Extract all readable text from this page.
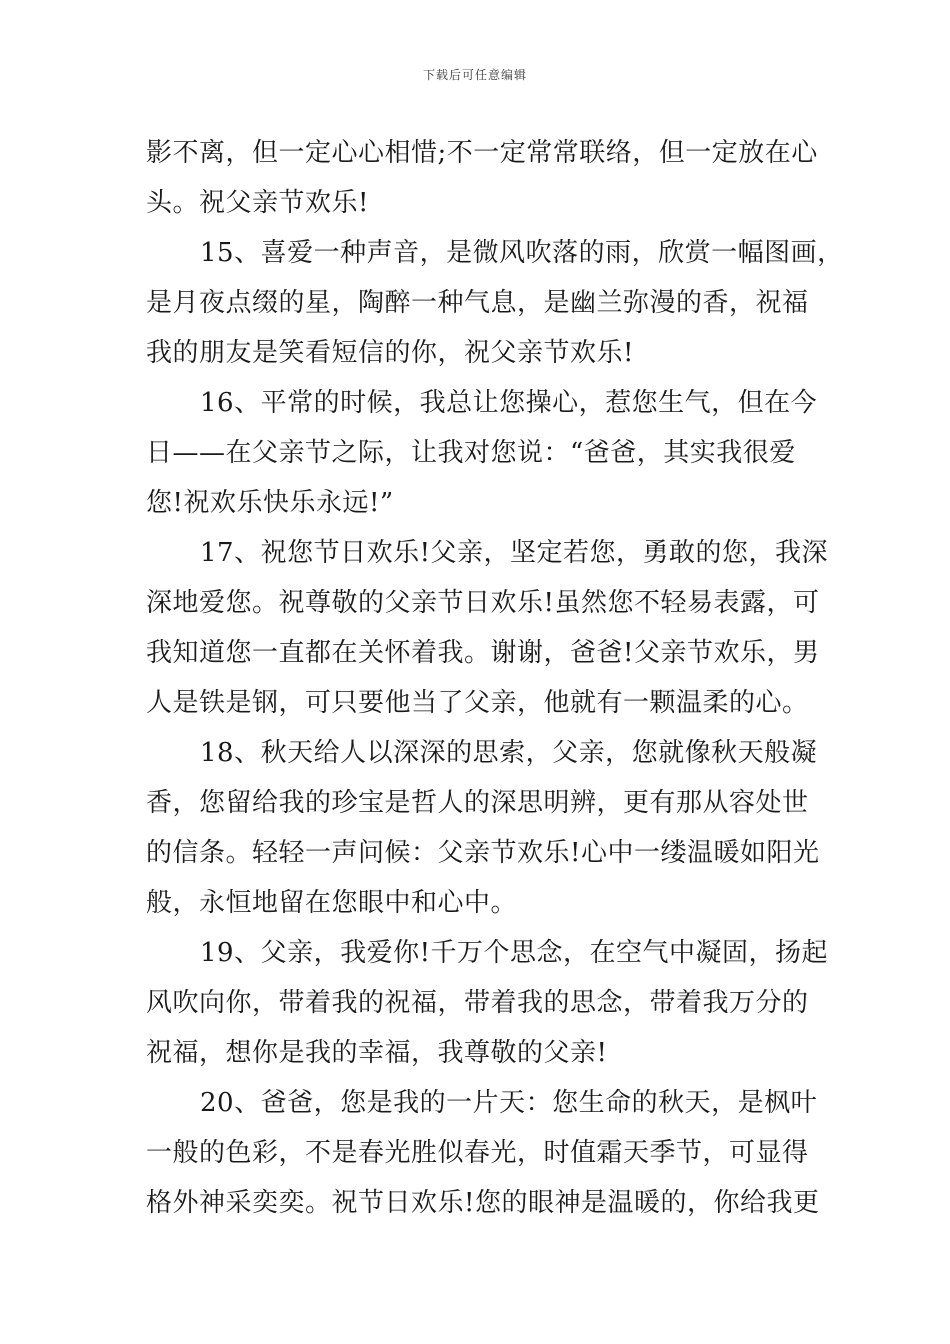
下载后可任意编辑
影不离，但一定心心相惜;不一定常常联络，但一定放在心
头。祝父亲节欢乐!
15、喜爱一种声音，是微风吹落的雨，欣赏一幅图画，
是月夜点缀的星，陶醉一种气息，是幽兰弥漫的香，祝福
我的朋友是笑看短信的你，祝父亲节欢乐!
16、平常的时候，我总让您操心，惹您生气，但在今
日——在父亲节之际，让我对您说：“爸爸，其实我很爱
您!祝欢乐快乐永远!”
17、祝您节日欢乐!父亲，坚定若您，勇敢的您，我深
深地爱您。祝尊敬的父亲节日欢乐!虽然您不轻易表露，可
我知道您一直都在关怀着我。谢谢，爸爸!父亲节欢乐，男
人是铁是钢，可只要他当了父亲，他就有一颗温柔的心。
18、秋天给人以深深的思索，父亲，您就像秋天般凝
香，您留给我的珍宝是哲人的深思明辨，更有那从容处世
的信条。轻轻一声问候：父亲节欢乐!心中一缕温暖如阳光
般，永恒地留在您眼中和心中。
19、父亲，我爱你!千万个思念，在空气中凝固，扬起
风吹向你，带着我的祝福，带着我的思念，带着我万分的
祝福，想你是我的幸福，我尊敬的父亲!
20、爸爸，您是我的一片天：您生命的秋天，是枫叶
一般的色彩，不是春光胜似春光，时值霜天季节，可显得
格外神采奕奕。祝节日欢乐!您的眼神是温暖的，你给我更
